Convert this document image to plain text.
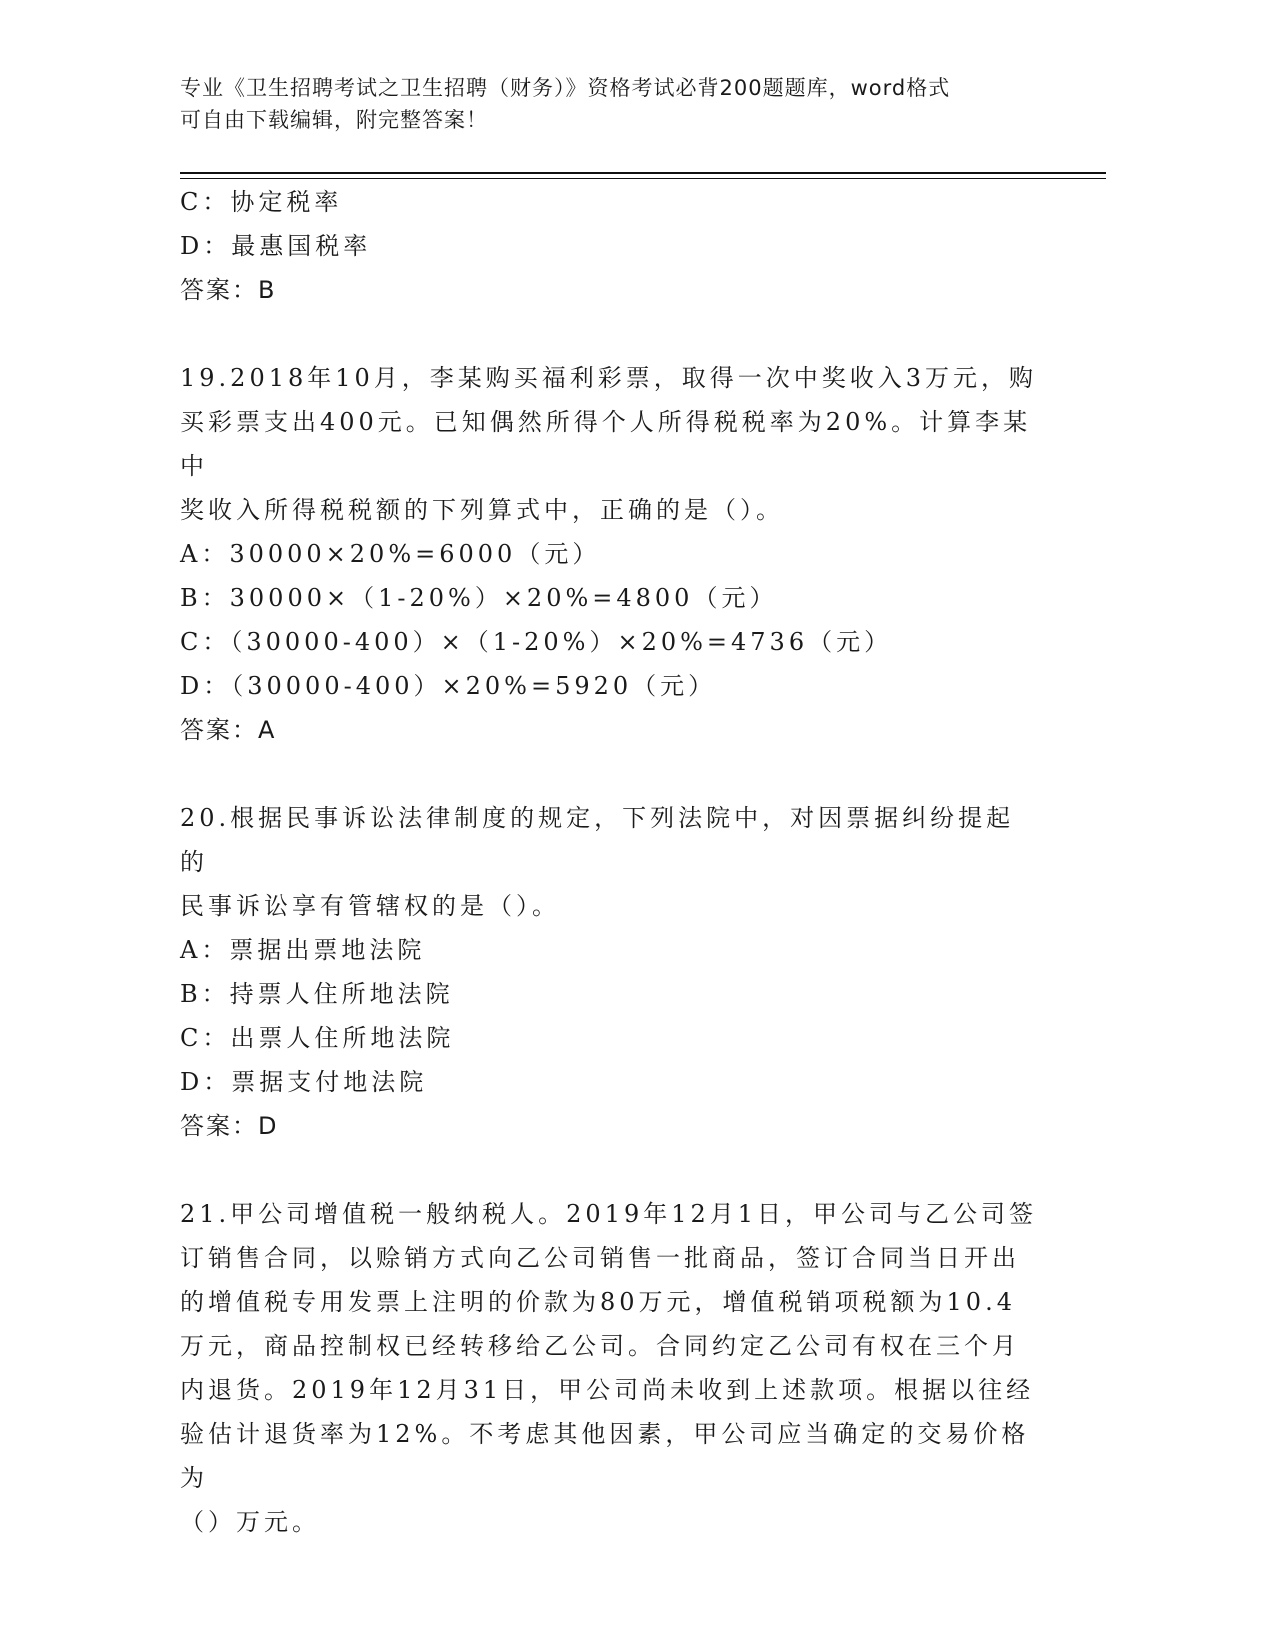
专业《卫生招聘考试之卫生招聘（财务）》资格考试必背200题题库，word格式
可自由下载编辑，附完整答案！
C：协定税率
D：最惠国税率
答案：B
19.2018年10月，李某购买福利彩票，取得一次中奖收入3万元，购
买彩票支出400元。已知偶然所得个人所得税税率为20%。计算李某中
奖收入所得税税额的下列算式中，正确的是（）。
A：30000×20%=6000（元）
B：30000×（1-20%）×20%=4800（元）
C：（30000-400）×（1-20%）×20%=4736（元）
D：（30000-400）×20%=5920（元）
答案：A
20.根据民事诉讼法律制度的规定，下列法院中，对因票据纠纷提起的
民事诉讼享有管辖权的是（）。
A：票据出票地法院
B：持票人住所地法院
C：出票人住所地法院
D：票据支付地法院
答案：D
21.甲公司增值税一般纳税人。2019年12月1日，甲公司与乙公司签
订销售合同，以赊销方式向乙公司销售一批商品，签订合同当日开出
的增值税专用发票上注明的价款为80万元，增值税销项税额为10.4
万元，商品控制权已经转移给乙公司。合同约定乙公司有权在三个月
内退货。2019年12月31日，甲公司尚未收到上述款项。根据以往经
验估计退货率为12%。不考虑其他因素，甲公司应当确定的交易价格为
（）万元。
